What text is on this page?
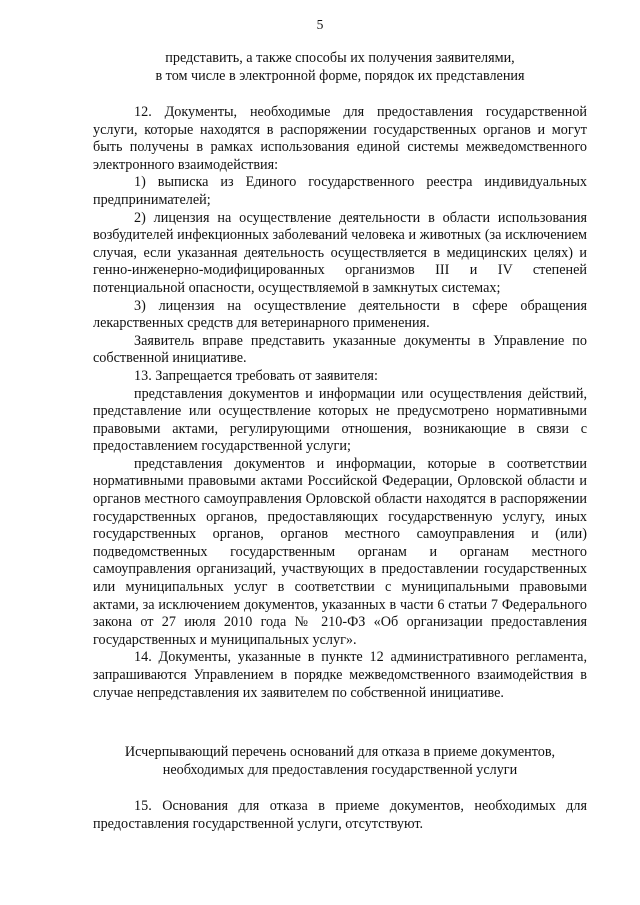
5

представить, а также способы их получения заявителями,

в том числе в электронной форме, порядок их представления

12. Документы, необходимые для предоставления государственной услуги, которые находятся в распоряжении государственных органов и могут быть получены в рамках использования единой системы межведомственного электронного взаимодействия:

1) выписка из Единого государственного реестра индивидуальных предпринимателей;

2) лицензия на осуществление деятельности в области использования возбудителей инфекционных заболеваний человека и животных (за исключением случая, если указанная деятельность осуществляется в медицинских целях) и генно-инженерно-модифицированных организмов III и IV степеней потенциальной опасности, осуществляемой в замкнутых системах;

3) лицензия на осуществление деятельности в сфере обращения лекарственных средств для ветеринарного применения.

Заявитель вправе представить указанные документы в Управление по собственной инициативе.

13. Запрещается требовать от заявителя:

представления документов и информации или осуществления действий, представление или осуществление которых не предусмотрено нормативными правовыми актами, регулирующими отношения, возникающие в связи с предоставлением государственной услуги;

представления документов и информации, которые в соответствии нормативными правовыми актами Российской Федерации, Орловской области и органов местного самоуправления Орловской области находятся в распоряжении государственных органов, предоставляющих государственную услугу, иных государственных органов, органов местного самоуправления и (или) подведомственных государственным органам и органам местного самоуправления организаций, участвующих в предоставлении государственных или муниципальных услуг в соответствии с муниципальными правовыми актами, за исключением документов, указанных в части 6 статьи 7 Федерального закона от 27 июля 2010 года № 210-ФЗ «Об организации предоставления государственных и муниципальных услуг».

14. Документы, указанные в пункте 12 административного регламента, запрашиваются Управлением в порядке межведомственного взаимодействия в случае непредставления их заявителем по собственной инициативе.

Исчерпывающий перечень оснований для отказа в приеме документов,

необходимых для предоставления государственной услуги

15. Основания для отказа в приеме документов, необходимых для предоставления государственной услуги, отсутствуют.
